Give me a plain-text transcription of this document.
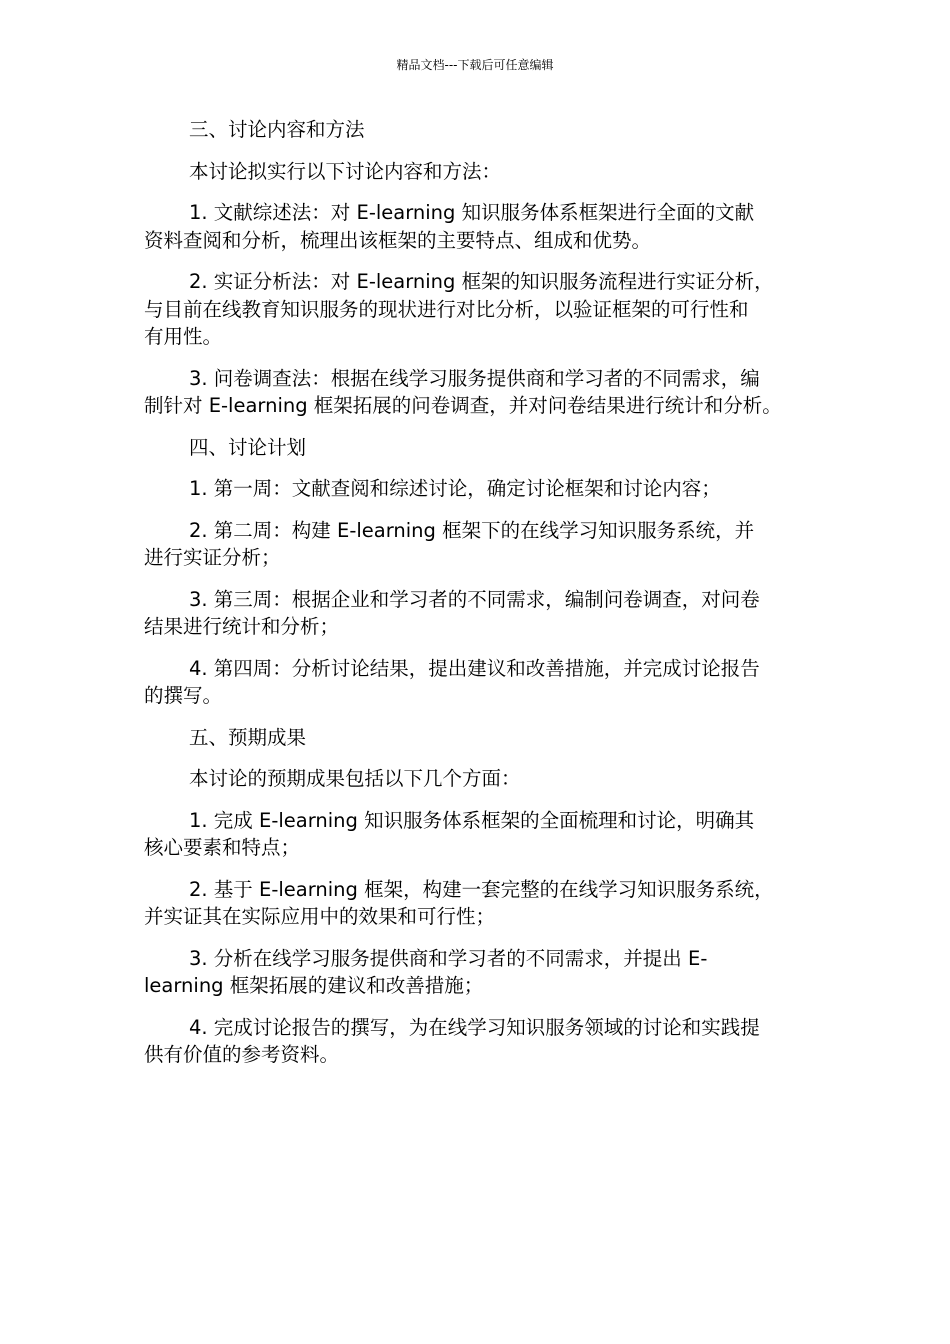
精品文档---下载后可任意编辑

三、讨论内容和方法

本讨论拟实行以下讨论内容和方法：

1. 文献综述法：对 E-learning 知识服务体系框架进行全面的文献
资料查阅和分析，梳理出该框架的主要特点、组成和优势。

2. 实证分析法：对 E-learning 框架的知识服务流程进行实证分析，
与目前在线教育知识服务的现状进行对比分析，以验证框架的可行性和
有用性。

3. 问卷调查法：根据在线学习服务提供商和学习者的不同需求，编
制针对 E-learning 框架拓展的问卷调查，并对问卷结果进行统计和分析。

四、讨论计划

1. 第一周：文献查阅和综述讨论，确定讨论框架和讨论内容；

2. 第二周：构建 E-learning 框架下的在线学习知识服务系统，并
进行实证分析；

3. 第三周：根据企业和学习者的不同需求，编制问卷调查，对问卷
结果进行统计和分析；

4. 第四周：分析讨论结果，提出建议和改善措施，并完成讨论报告
的撰写。

五、预期成果

本讨论的预期成果包括以下几个方面：

1. 完成 E-learning 知识服务体系框架的全面梳理和讨论，明确其
核心要素和特点；

2. 基于 E-learning 框架，构建一套完整的在线学习知识服务系统，
并实证其在实际应用中的效果和可行性；

3. 分析在线学习服务提供商和学习者的不同需求，并提出 E-
learning 框架拓展的建议和改善措施；

4. 完成讨论报告的撰写，为在线学习知识服务领域的讨论和实践提
供有价值的参考资料。
